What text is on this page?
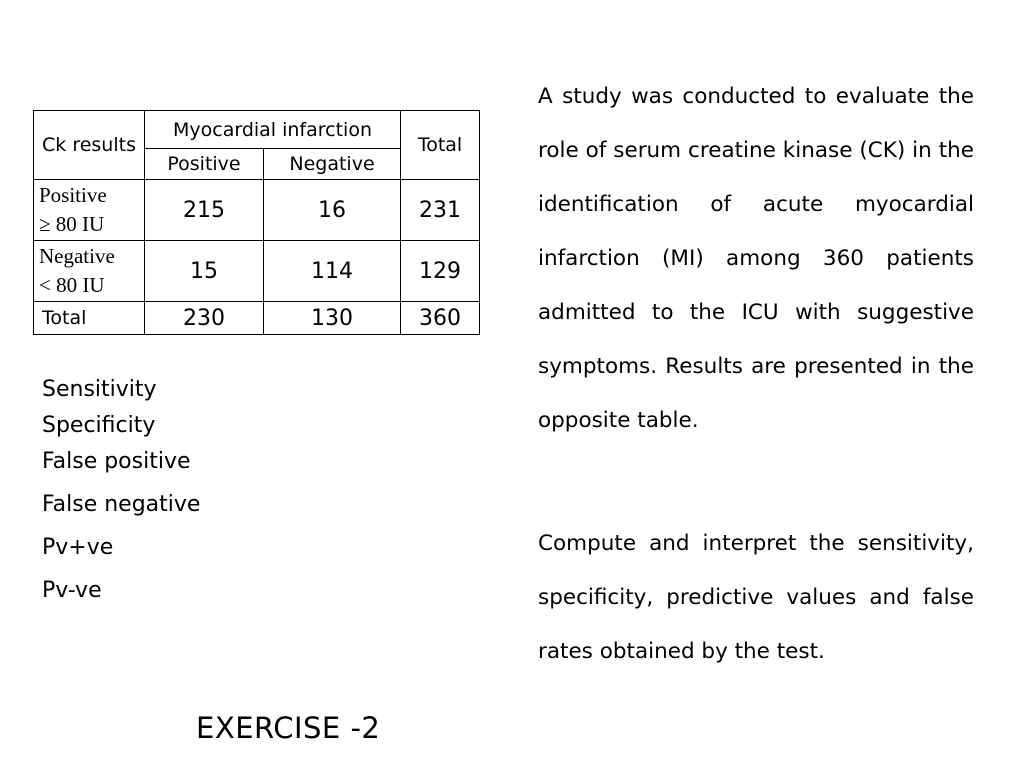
Ck results	Myocardial infarction		Total
	Positive	Negative	
Positive
≥ 80 IU	215	16	231
Negative
< 80 IU	15	114	129
Total	230	130	360
Sensitivity
Specificity
False positive
False negative
Pv+ve
Pv-ve
EXERCISE -2
A study was conducted to evaluate the role of serum creatine kinase (CK) in the identification of acute myocardial infarction (MI) among 360 patients admitted to the ICU with suggestive symptoms. Results are presented in the opposite table.
Compute and interpret the sensitivity, specificity, predictive values and false rates obtained by the test.
